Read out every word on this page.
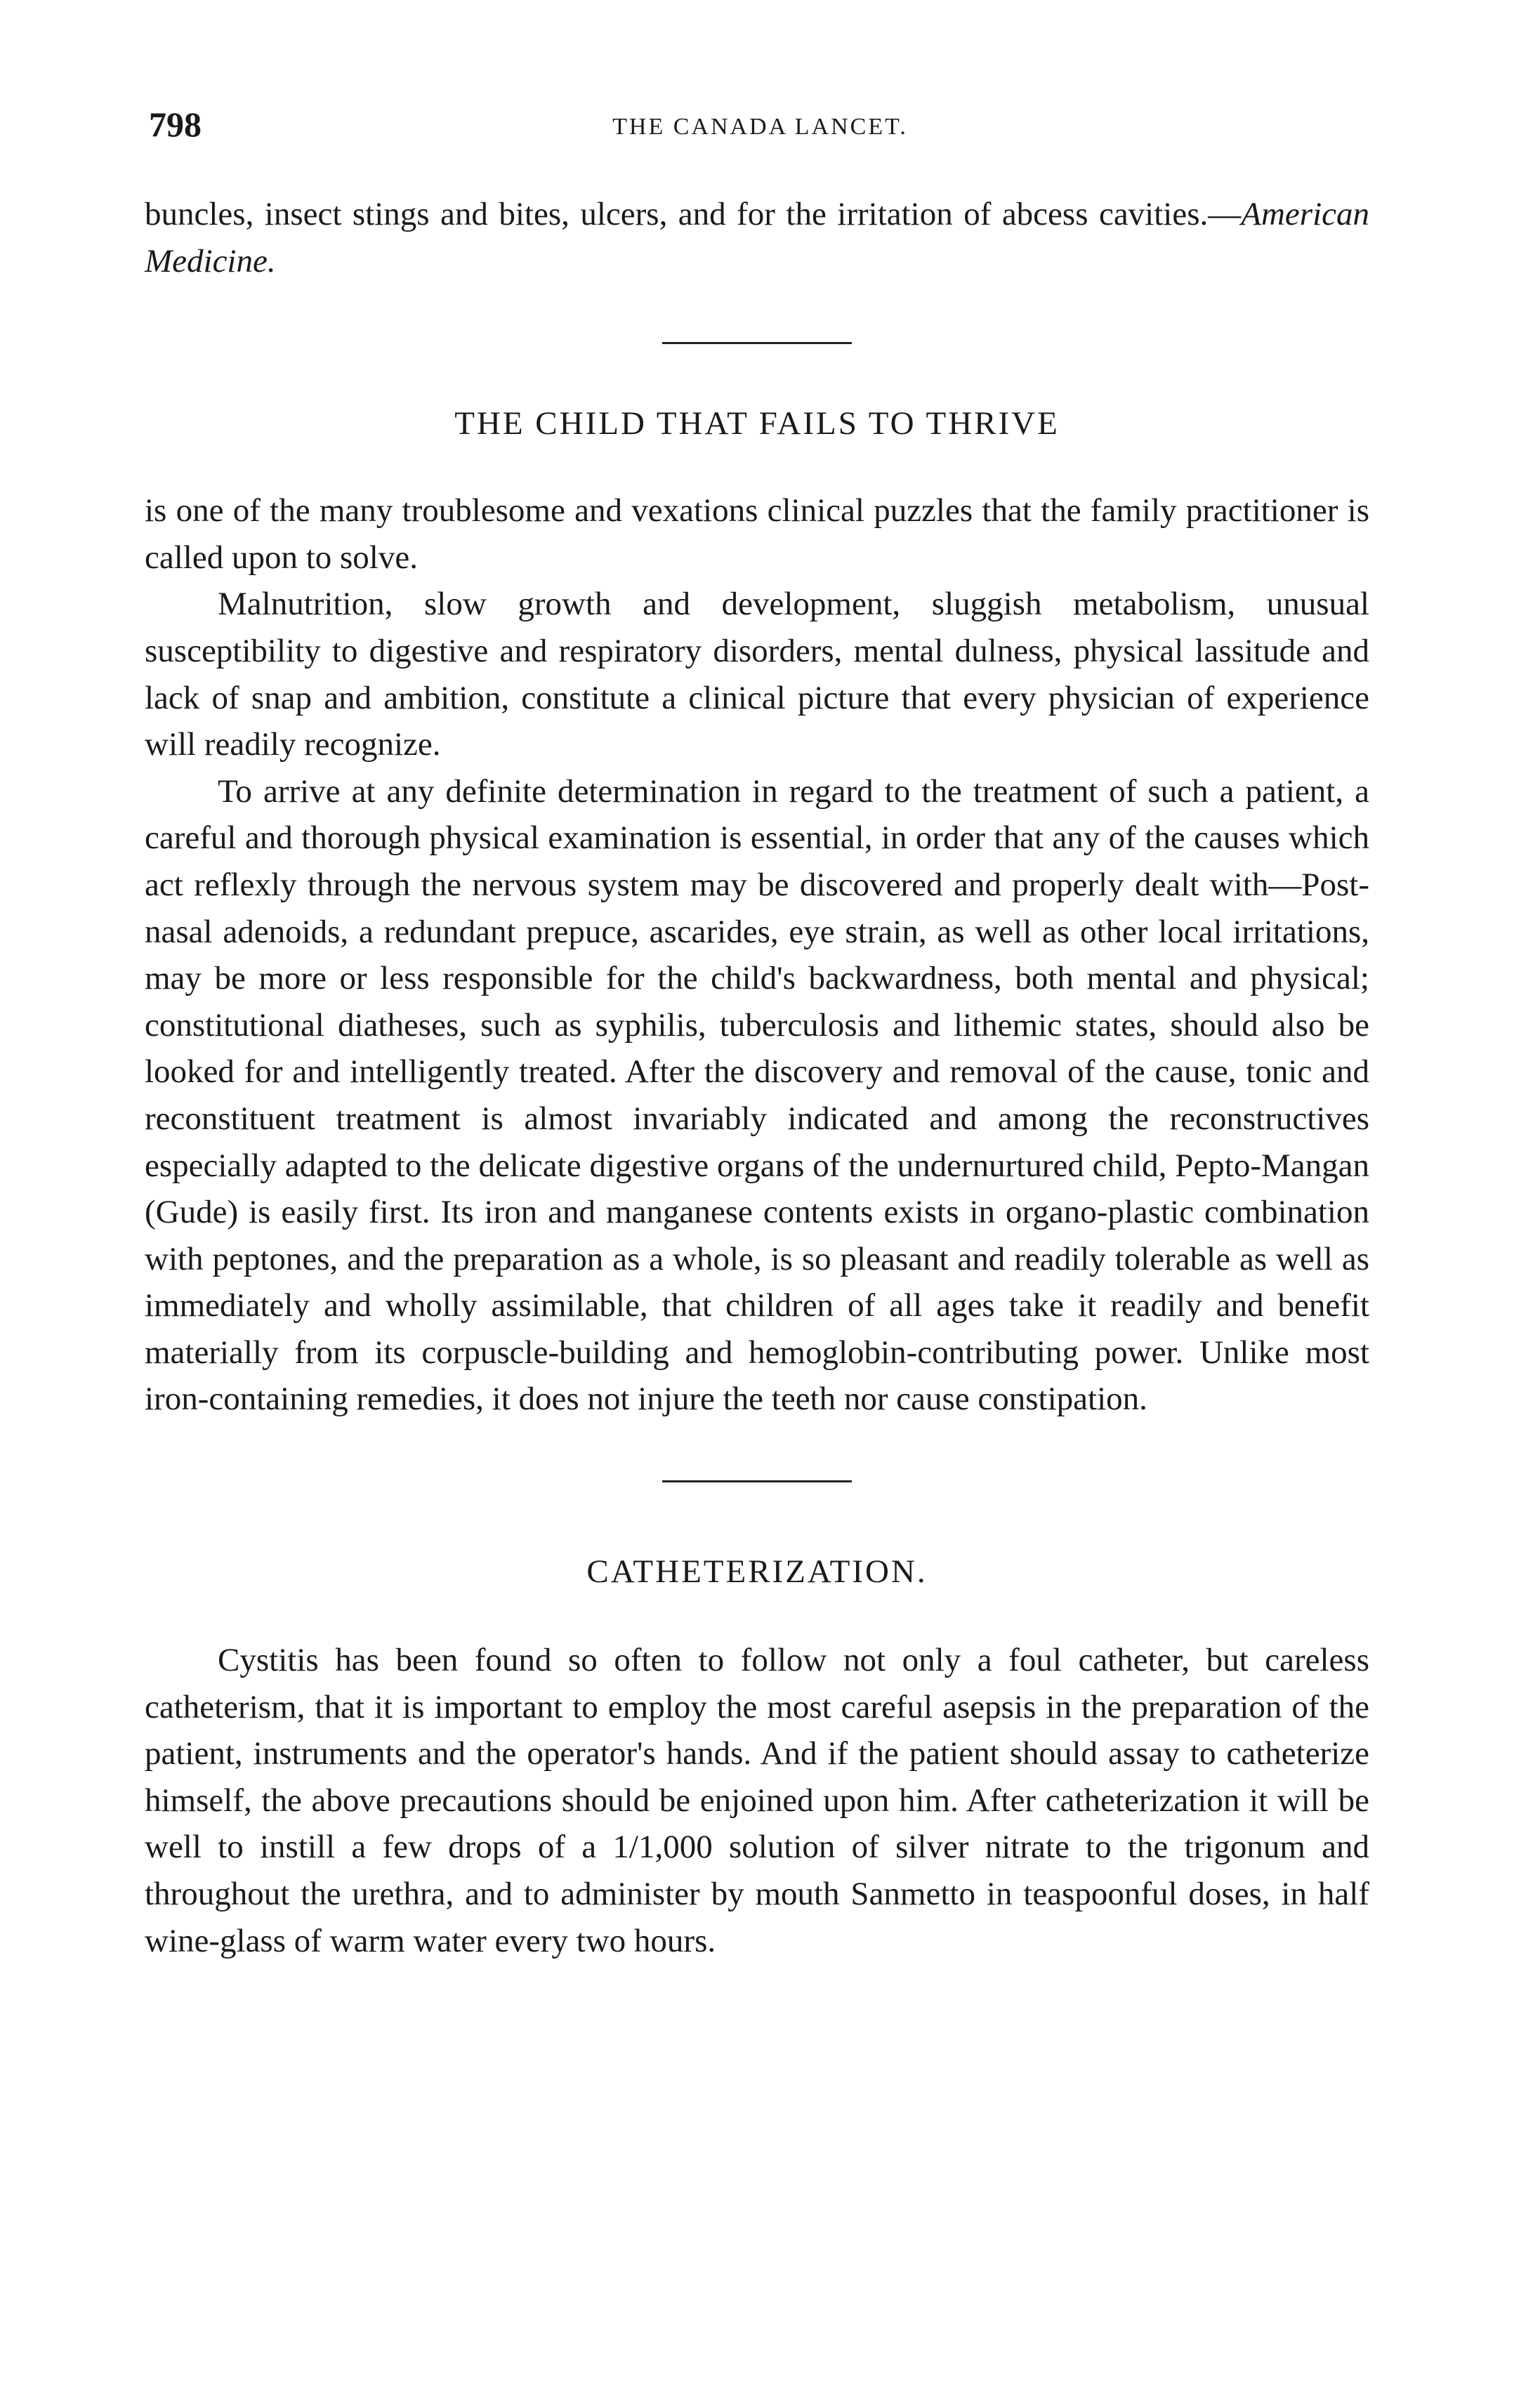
798	THE CANADA LANCET.

buncles, insect stings and bites, ulcers, and for the irritation of abcess cavities.—American Medicine.

THE CHILD THAT FAILS TO THRIVE

is one of the many troublesome and vexations clinical puzzles that the family practitioner is called upon to solve.

Malnutrition, slow growth and development, sluggish metabolism, unusual susceptibility to digestive and respiratory disorders, mental dulness, physical lassitude and lack of snap and ambition, constitute a clinical picture that every physician of experience will readily recognize.

To arrive at any definite determination in regard to the treatment of such a patient, a careful and thorough physical examination is essential, in order that any of the causes which act reflexly through the nervous system may be discovered and properly dealt with—Post-nasal adenoids, a redundant prepuce, ascarides, eye strain, as well as other local irritations, may be more or less responsible for the child's backwardness, both mental and physical; constitutional diatheses, such as syphilis, tuberculosis and lithemic states, should also be looked for and intelligently treated. After the discovery and removal of the cause, tonic and reconstituent treatment is almost invariably indicated and among the reconstructives especially adapted to the delicate digestive organs of the undernurtured child, Pepto-Mangan (Gude) is easily first. Its iron and manganese contents exists in organo-plastic combination with peptones, and the preparation as a whole, is so pleasant and readily tolerable as well as immediately and wholly assimilable, that children of all ages take it readily and benefit materially from its corpuscle-building and hemoglobin-contributing power. Unlike most iron-containing remedies, it does not injure the teeth nor cause constipation.

CATHETERIZATION.

Cystitis has been found so often to follow not only a foul catheter, but careless catheterism, that it is important to employ the most careful asepsis in the preparation of the patient, instruments and the operator's hands. And if the patient should assay to catheterize himself, the above precautions should be enjoined upon him. After catheterization it will be well to instill a few drops of a 1/1,000 solution of silver nitrate to the trigonum and throughout the urethra, and to administer by mouth Sanmetto in teaspoonful doses, in half wine-glass of warm water every two hours.
